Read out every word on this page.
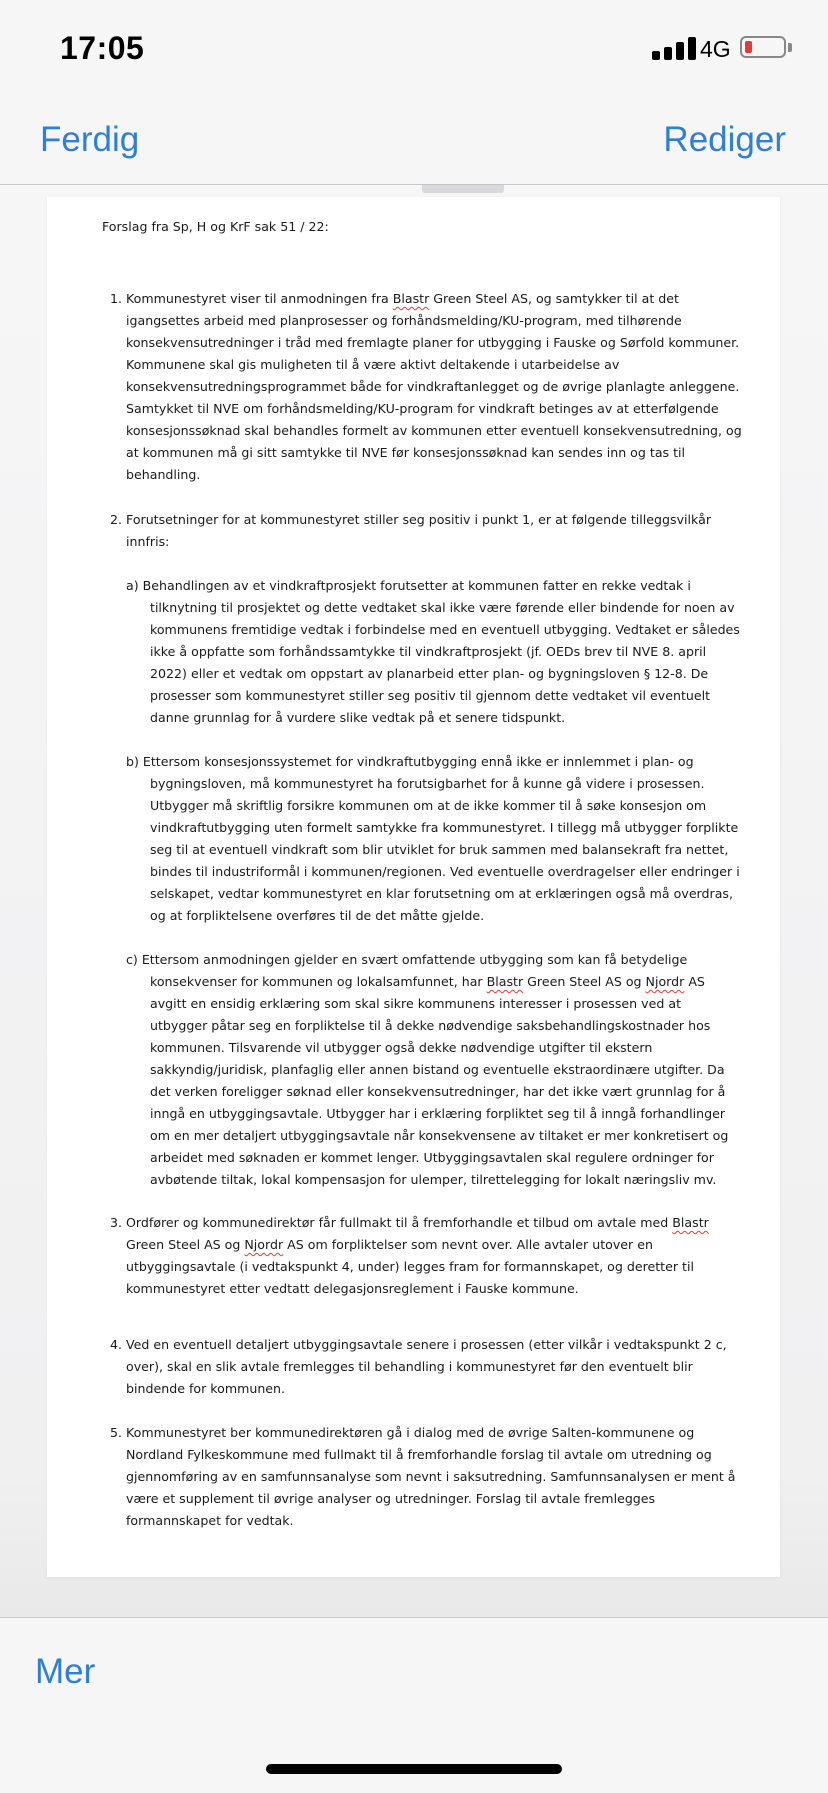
17:05	4G
Ferdig	Rediger

Forslag fra Sp, H og KrF sak 51 / 22:

1. Kommunestyret viser til anmodningen fra Blastr Green Steel AS, og samtykker til at det igangsettes arbeid med planprosesser og forhåndsmelding/KU-program, med tilhørende konsekvensutredninger i tråd med fremlagte planer for utbygging i Fauske og Sørfold kommuner. Kommunene skal gis muligheten til å være aktivt deltakende i utarbeidelse av konsekvensutredningsprogrammet både for vindkraftanlegget og de øvrige planlagte anleggene. Samtykket til NVE om forhåndsmelding/KU-program for vindkraft betinges av at etterfølgende konsesjonssøknad skal behandles formelt av kommunen etter eventuell konsekvensutredning, og at kommunen må gi sitt samtykke til NVE før konsesjonssøknad kan sendes inn og tas til behandling.

2. Forutsetninger for at kommunestyret stiller seg positiv i punkt 1, er at følgende tilleggsvilkår innfris:

a) Behandlingen av et vindkraftprosjekt forutsetter at kommunen fatter en rekke vedtak i tilknytning til prosjektet og dette vedtaket skal ikke være førende eller bindende for noen av kommunens fremtidige vedtak i forbindelse med en eventuell utbygging. Vedtaket er således ikke å oppfatte som forhåndssamtykke til vindkraftprosjekt (jf. OEDs brev til NVE 8. april 2022) eller et vedtak om oppstart av planarbeid etter plan- og bygningsloven § 12-8. De prosesser som kommunestyret stiller seg positiv til gjennom dette vedtaket vil eventuelt danne grunnlag for å vurdere slike vedtak på et senere tidspunkt.

b) Ettersom konsesjonssystemet for vindkraftutbygging ennå ikke er innlemmet i plan- og bygningsloven, må kommunestyret ha forutsigbarhet for å kunne gå videre i prosessen. Utbygger må skriftlig forsikre kommunen om at de ikke kommer til å søke konsesjon om vindkraftutbygging uten formelt samtykke fra kommunestyret. I tillegg må utbygger forplikte seg til at eventuell vindkraft som blir utviklet for bruk sammen med balansekraft fra nettet, bindes til industriformål i kommunen/regionen. Ved eventuelle overdragelser eller endringer i selskapet, vedtar kommunestyret en klar forutsetning om at erklæringen også må overdras, og at forpliktelsene overføres til de det måtte gjelde.

c) Ettersom anmodningen gjelder en svært omfattende utbygging som kan få betydelige konsekvenser for kommunen og lokalsamfunnet, har Blastr Green Steel AS og Njordr AS avgitt en ensidig erklæring som skal sikre kommunens interesser i prosessen ved at utbygger påtar seg en forpliktelse til å dekke nødvendige saksbehandlingskostnader hos kommunen. Tilsvarende vil utbygger også dekke nødvendige utgifter til ekstern sakkyndig/juridisk, planfaglig eller annen bistand og eventuelle ekstraordinære utgifter. Da det verken foreligger søknad eller konsekvensutredninger, har det ikke vært grunnlag for å inngå en utbyggingsavtale. Utbygger har i erklæring forpliktet seg til å inngå forhandlinger om en mer detaljert utbyggingsavtale når konsekvensene av tiltaket er mer konkretisert og arbeidet med søknaden er kommet lenger. Utbyggingsavtalen skal regulere ordninger for avbøtende tiltak, lokal kompensasjon for ulemper, tilrettelegging for lokalt næringsliv mv.

3. Ordfører og kommunedirektør får fullmakt til å fremforhandle et tilbud om avtale med Blastr Green Steel AS og Njordr AS om forpliktelser som nevnt over. Alle avtaler utover en utbyggingsavtale (i vedtakspunkt 4, under) legges fram for formannskapet, og deretter til kommunestyret etter vedtatt delegasjonsreglement i Fauske kommune.

4. Ved en eventuell detaljert utbyggingsavtale senere i prosessen (etter vilkår i vedtakspunkt 2 c, over), skal en slik avtale fremlegges til behandling i kommunestyret før den eventuelt blir bindende for kommunen.

5. Kommunestyret ber kommunedirektøren gå i dialog med de øvrige Salten-kommunene og Nordland Fylkeskommune med fullmakt til å fremforhandle forslag til avtale om utredning og gjennomføring av en samfunnsanalyse som nevnt i saksutredning. Samfunnsanalysen er ment å være et supplement til øvrige analyser og utredninger. Forslag til avtale fremlegges formannskapet for vedtak.

Mer
